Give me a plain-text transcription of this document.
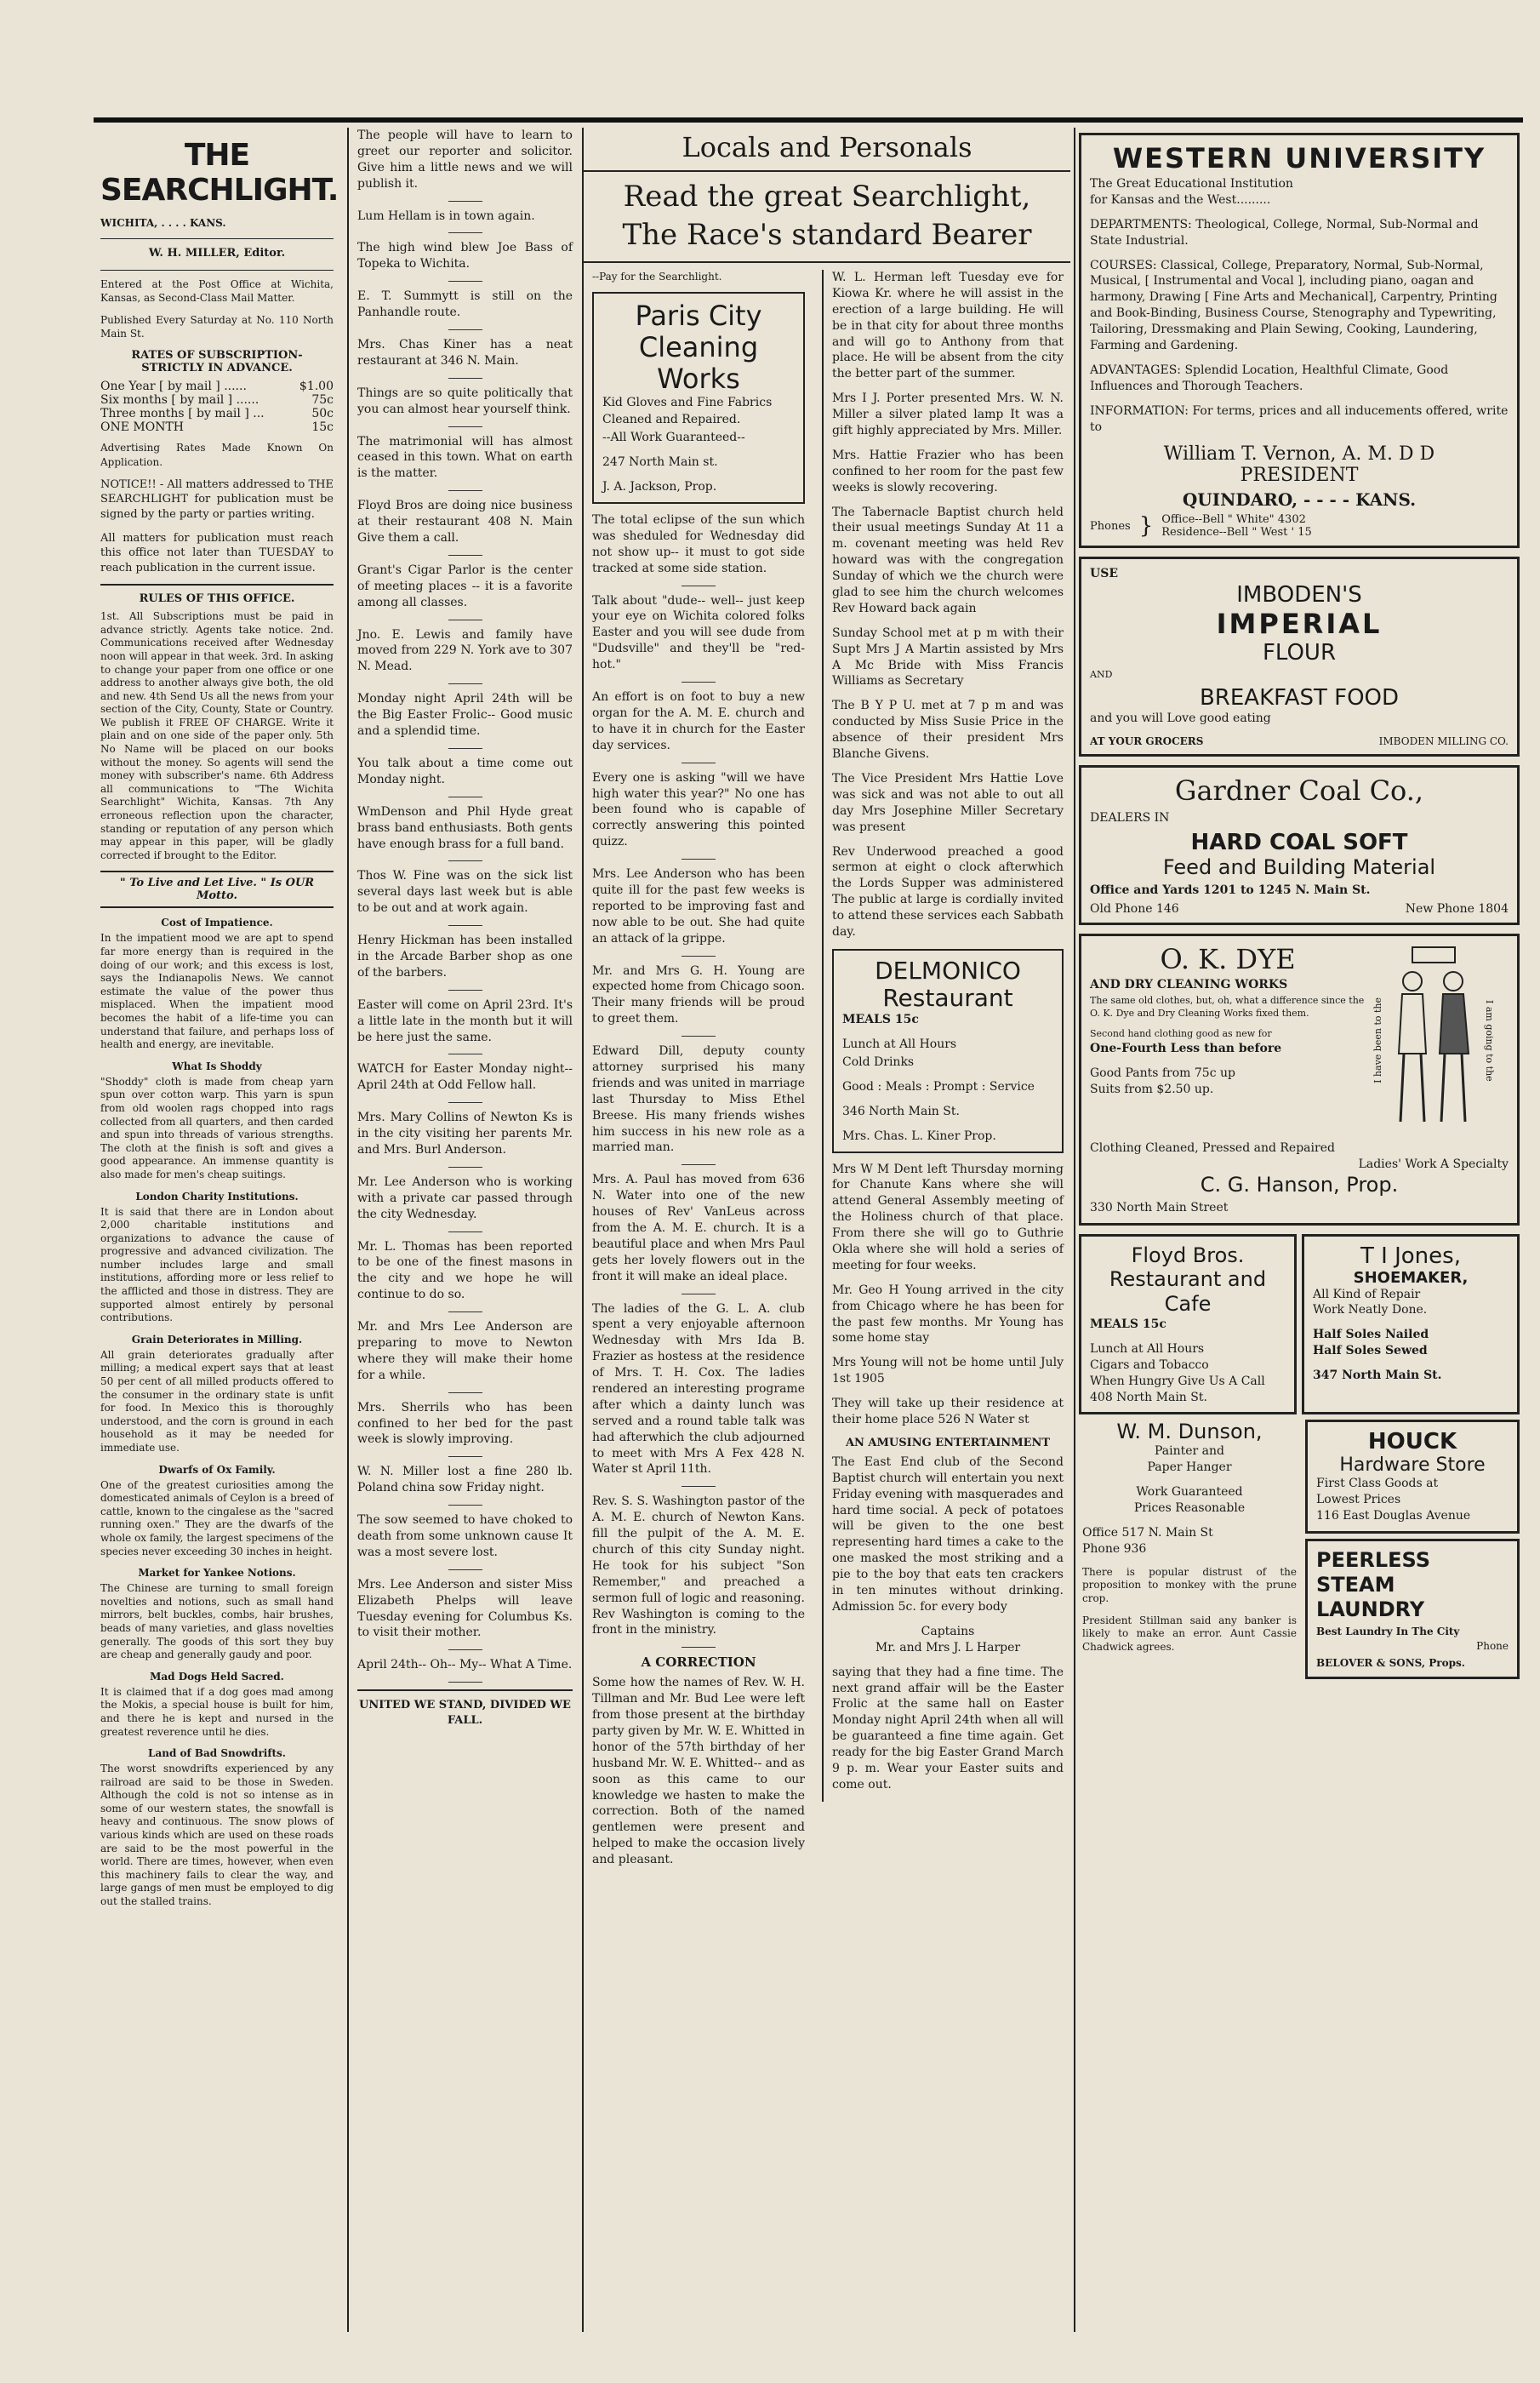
THE SEARCHLIGHT.

WICHITA, . . . . KANS.

W. H. MILLER, Editor.

Entered at the Post Office at Wichita, Kansas, as Second-Class Mail Matter.

Published Every Saturday at No. 110 North Main St.

RATES OF SUBSCRIPTION- STRICTLY IN ADVANCE.
One Year [ by mail ] ......	$1.00
Six months [ by mail ] ......	75c
Three months [ by mail ] ...	50c
ONE MONTH	15c

Advertising Rates Made Known On Application.

NOTICE!! - All matters addressed to THE SEARCHLIGHT for publication must be signed by the party or parties writing.

All matters for publication must reach this office not later than TUESDAY to reach publication in the current issue.

RULES OF THIS OFFICE.

1st. All Subscriptions must be paid in advance strictly. Agents take notice. 2nd. Communications received after Wednesday noon will appear in that week. 3rd. In asking to change your paper from one office or one address to another always give both, the old and new. 4th Send Us all the news from your section of the City, County, State or Country. We publish it FREE OF CHARGE. Write it plain and on one side of the paper only. 5th No Name will be placed on our books without the money. So agents will send the money with subscriber's name. 6th Address all communications to "The Wichita Searchlight" Wichita, Kansas. 7th Any erroneous reflection upon the character, standing or reputation of any person which may appear in this paper, will be gladly corrected if brought to the Editor.

" To Live and Let Live. " Is OUR Motto.
Cost of Impatience.

In the impatient mood we are apt to spend far more energy than is required in the doing of our work; and this excess is lost, says the Indianapolis News. We cannot estimate the value of the power thus misplaced. When the impatient mood becomes the habit of a life-time you can understand that failure, and perhaps loss of health and energy, are inevitable.

What Is Shoddy

"Shoddy" cloth is made from cheap yarn spun over cotton warp. This yarn is spun from old woolen rags chopped into rags collected from all quarters, and then carded and spun into threads of various strengths. The cloth at the finish is soft and gives a good appearance. An immense quantity is also made for men's cheap suitings.

London Charity Institutions.

It is said that there are in London about 2,000 charitable institutions and organizations to advance the cause of progressive and advanced civilization. The number includes large and small institutions, affording more or less relief to the afflicted and those in distress. They are supported almost entirely by personal contributions.

Grain Deteriorates in Milling.

All grain deteriorates gradually after milling; a medical expert says that at least 50 per cent of all milled products offered to the consumer in the ordinary state is unfit for food. In Mexico this is thoroughly understood, and the corn is ground in each household as it may be needed for immediate use.

Dwarfs of Ox Family.

One of the greatest curiosities among the domesticated animals of Ceylon is a breed of cattle, known to the cingalese as the "sacred running oxen." They are the dwarfs of the whole ox family, the largest specimens of the species never exceeding 30 inches in height.

Market for Yankee Notions.

The Chinese are turning to small foreign novelties and notions, such as small hand mirrors, belt buckles, combs, hair brushes, beads of many varieties, and glass novelties generally. The goods of this sort they buy are cheap and generally gaudy and poor.

Mad Dogs Held Sacred.

It is claimed that if a dog goes mad among the Mokis, a special house is built for him, and there he is kept and nursed in the greatest reverence until he dies.

Land of Bad Snowdrifts.

The worst snowdrifts experienced by any railroad are said to be those in Sweden. Although the cold is not so intense as in some of our western states, the snowfall is heavy and continuous. The snow plows of various kinds which are used on these roads are said to be the most powerful in the world. There are times, however, when even this machinery fails to clear the way, and large gangs of men must be employed to dig out the stalled trains.

The people will have to learn to greet our reporter and solicitor. Give him a little news and we will publish it.

Lum Hellam is in town again.

The high wind blew Joe Bass of Topeka to Wichita.

E. T. Summytt is still on the Panhandle route.

Mrs. Chas Kiner has a neat restaurant at 346 N. Main.

Things are so quite politically that you can almost hear yourself think.

The matrimonial will has almost ceased in this town. What on earth is the matter.

Floyd Bros are doing nice business at their restaurant 408 N. Main Give them a call.

Grant's Cigar Parlor is the center of meeting places -- it is a favorite among all classes.

Jno. E. Lewis and family have moved from 229 N. York ave to 307 N. Mead.

Monday night April 24th will be the Big Easter Frolic-- Good music and a splendid time.

You talk about a time come out Monday night.

WmDenson and Phil Hyde great brass band enthusiasts. Both gents have enough brass for a full band.

Thos W. Fine was on the sick list several days last week but is able to be out and at work again.

Henry Hickman has been installed in the Arcade Barber shop as one of the barbers.

Easter will come on April 23rd. It's a little late in the month but it will be here just the same.

WATCH for Easter Monday night-- April 24th at Odd Fellow hall.

Mrs. Mary Collins of Newton Ks is in the city visiting her parents Mr. and Mrs. Burl Anderson.

Mr. Lee Anderson who is working with a private car passed through the city Wednesday.

Mr. L. Thomas has been reported to be one of the finest masons in the city and we hope he will continue to do so.

Mr. and Mrs Lee Anderson are preparing to move to Newton where they will make their home for a while.

Mrs. Sherrils who has been confined to her bed for the past week is slowly improving.

W. N. Miller lost a fine 280 lb. Poland china sow Friday night.

The sow seemed to have choked to death from some unknown cause It was a most severe lost.

Mrs. Lee Anderson and sister Miss Elizabeth Phelps will leave Tuesday evening for Columbus Ks. to visit their mother.

April 24th-- Oh-- My-- What A Time.

UNITED WE STAND, DIVIDED WE FALL.

Locals and Personals
Read the great Searchlight,
The Race's standard Bearer

--Pay for the Searchlight.

Paris City Cleaning Works

Kid Gloves and Fine Fabrics

Cleaned and Repaired.

--All Work Guaranteed--

247 North Main st.

J. A. Jackson, Prop.

The total eclipse of the sun which was sheduled for Wednesday did not show up-- it must to got side tracked at some side station.

Talk about "dude-- well-- just keep your eye on Wichita colored folks Easter and you will see dude from "Dudsville" and they'll be "red-hot."

An effort is on foot to buy a new organ for the A. M. E. church and to have it in church for the Easter day services.

Every one is asking "will we have high water this year?" No one has been found who is capable of correctly answering this pointed quizz.

Mrs. Lee Anderson who has been quite ill for the past few weeks is reported to be improving fast and now able to be out. She had quite an attack of la grippe.

Mr. and Mrs G. H. Young are expected home from Chicago soon. Their many friends will be proud to greet them.

Edward Dill, deputy county attorney surprised his many friends and was united in marriage last Thursday to Miss Ethel Breese. His many friends wishes him success in his new role as a married man.

Mrs. A. Paul has moved from 636 N. Water into one of the new houses of Rev' VanLeus across from the A. M. E. church. It is a beautiful place and when Mrs Paul gets her lovely flowers out in the front it will make an ideal place.

The ladies of the G. L. A. club spent a very enjoyable afternoon Wednesday with Mrs Ida B. Frazier as hostess at the residence of Mrs. T. H. Cox. The ladies rendered an interesting programe after which a dainty lunch was served and a round table talk was had afterwhich the club adjourned to meet with Mrs A Fex 428 N. Water st April 11th.

Rev. S. S. Washington pastor of the A. M. E. church of Newton Kans. fill the pulpit of the A. M. E. church of this city Sunday night. He took for his subject "Son Remember," and preached a sermon full of logic and reasoning. Rev Washington is coming to the front in the ministry.

A CORRECTION

Some how the names of Rev. W. H. Tillman and Mr. Bud Lee were left from those present at the birthday party given by Mr. W. E. Whitted in honor of the 57th birthday of her husband Mr. W. E. Whitted-- and as soon as this came to our knowledge we hasten to make the correction. Both of the named gentlemen were present and helped to make the occasion lively and pleasant.

W. L. Herman left Tuesday eve for Kiowa Kr. where he will assist in the erection of a large building. He will be in that city for about three months and will go to Anthony from that place. He will be absent from the city the better part of the summer.

Mrs I J. Porter presented Mrs. W. N. Miller a silver plated lamp It was a gift highly appreciated by Mrs. Miller.

Mrs. Hattie Frazier who has been confined to her room for the past few weeks is slowly recovering.

The Tabernacle Baptist church held their usual meetings Sunday At 11 a m. covenant meeting was held Rev howard was with the congregation Sunday of which we the church were glad to see him the church welcomes Rev Howard back again

Sunday School met at p m with their Supt Mrs J A Martin assisted by Mrs A Mc Bride with Miss Francis Williams as Secretary

The B Y P U. met at 7 p m and was conducted by Miss Susie Price in the absence of their president Mrs Blanche Givens.

The Vice President Mrs Hattie Love was sick and was not able to out all day Mrs Josephine Miller Secretary was present

Rev Underwood preached a good sermon at eight o clock afterwhich the Lords Supper was administered The public at large is cordially invited to attend these services each Sabbath day.

DELMONICO Restaurant

MEALS 15c

Lunch at All Hours

Cold Drinks

Good : Meals : Prompt : Service

346 North Main St.

Mrs. Chas. L. Kiner Prop.

Mrs W M Dent left Thursday morning for Chanute Kans where she will attend General Assembly meeting of the Holiness church of that place. From there she will go to Guthrie Okla where she will hold a series of meeting for four weeks.

Mr. Geo H Young arrived in the city from Chicago where he has been for the past few months. Mr Young has some home stay

Mrs Young will not be home until July 1st 1905

They will take up their residence at their home place 526 N Water st

AN AMUSING ENTERTAINMENT

The East End club of the Second Baptist church will entertain you next Friday evening with masquerades and hard time social. A peck of potatoes will be given to the one best representing hard times a cake to the one masked the most striking and a pie to the boy that eats ten crackers in ten minutes without drinking. Admission 5c. for every body

Captains

Mr. and Mrs J. L Harper

saying that they had a fine time. The next grand affair will be the Easter Frolic at the same hall on Easter Monday night April 24th when all will be guaranteed a fine time again. Get ready for the big Easter Grand March 9 p. m. Wear your Easter suits and come out.

WESTERN UNIVERSITY

The Great Educational Institution

for Kansas and the West.........

DEPARTMENTS: Theological, College, Normal, Sub-Normal and State Industrial.

COURSES: Classical, College, Preparatory, Normal, Sub-Normal, Musical, [ Instrumental and Vocal ], including piano, oagan and harmony, Drawing [ Fine Arts and Mechanical], Carpentry, Printing and Book-Binding, Business Course, Stenography and Typewriting, Tailoring, Dressmaking and Plain Sewing, Cooking, Laundering, Farming and Gardening.

ADVANTAGES: Splendid Location, Healthful Climate, Good Influences and Thorough Teachers.

INFORMATION: For terms, prices and all inducements offered, write to

William T. Vernon, A. M. D D
PRESIDENT
QUINDARO, - - - - KANS.
Phones } Office--Bell " White" 4302
Residence--Bell " West ' 15

USE

IMBODEN'S
IMPERIAL
FLOUR

AND

BREAKFAST FOOD

and you will Love good eating

AT YOUR GROCERS	IMBODEN MILLING CO.
Gardner Coal Co.,

DEALERS IN

HARD COAL SOFT
Feed and Building Material

Office and Yards 1201 to 1245 N. Main St.

Old Phone 146	New Phone 1804
O. K. DYE

AND DRY CLEANING WORKS

The same old clothes, but, oh, what a difference since the O. K. Dye and Dry Cleaning Works fixed them.

Second hand clothing good as new for

One-Fourth Less than before

Good Pants from 75c up

Suits from $2.50 up.

I have been to the	I am going to the

Clothing Cleaned, Pressed and Repaired

Ladies' Work A Specialty

C. G. Hanson, Prop.

330 North Main Street

Floyd Bros. Restaurant and Cafe

MEALS 15c

Lunch at All Hours

Cigars and Tobacco

When Hungry Give Us A Call

408 North Main St.

T I Jones,
SHOEMAKER,

All Kind of Repair

Work Neatly Done.

Half Soles Nailed

Half Soles Sewed

347 North Main St.

W. M. Dunson,

Painter and

Paper Hanger

Work Guaranteed

Prices Reasonable

Office 517 N. Main St

Phone 936

There is popular distrust of the proposition to monkey with the prune crop.

President Stillman said any banker is likely to make an error. Aunt Cassie Chadwick agrees.

HOUCK
Hardware Store

First Class Goods at

Lowest Prices

116 East Douglas Avenue

PEERLESS STEAM LAUNDRY

Best Laundry In The City

Phone

BELOVER & SONS, Props.
